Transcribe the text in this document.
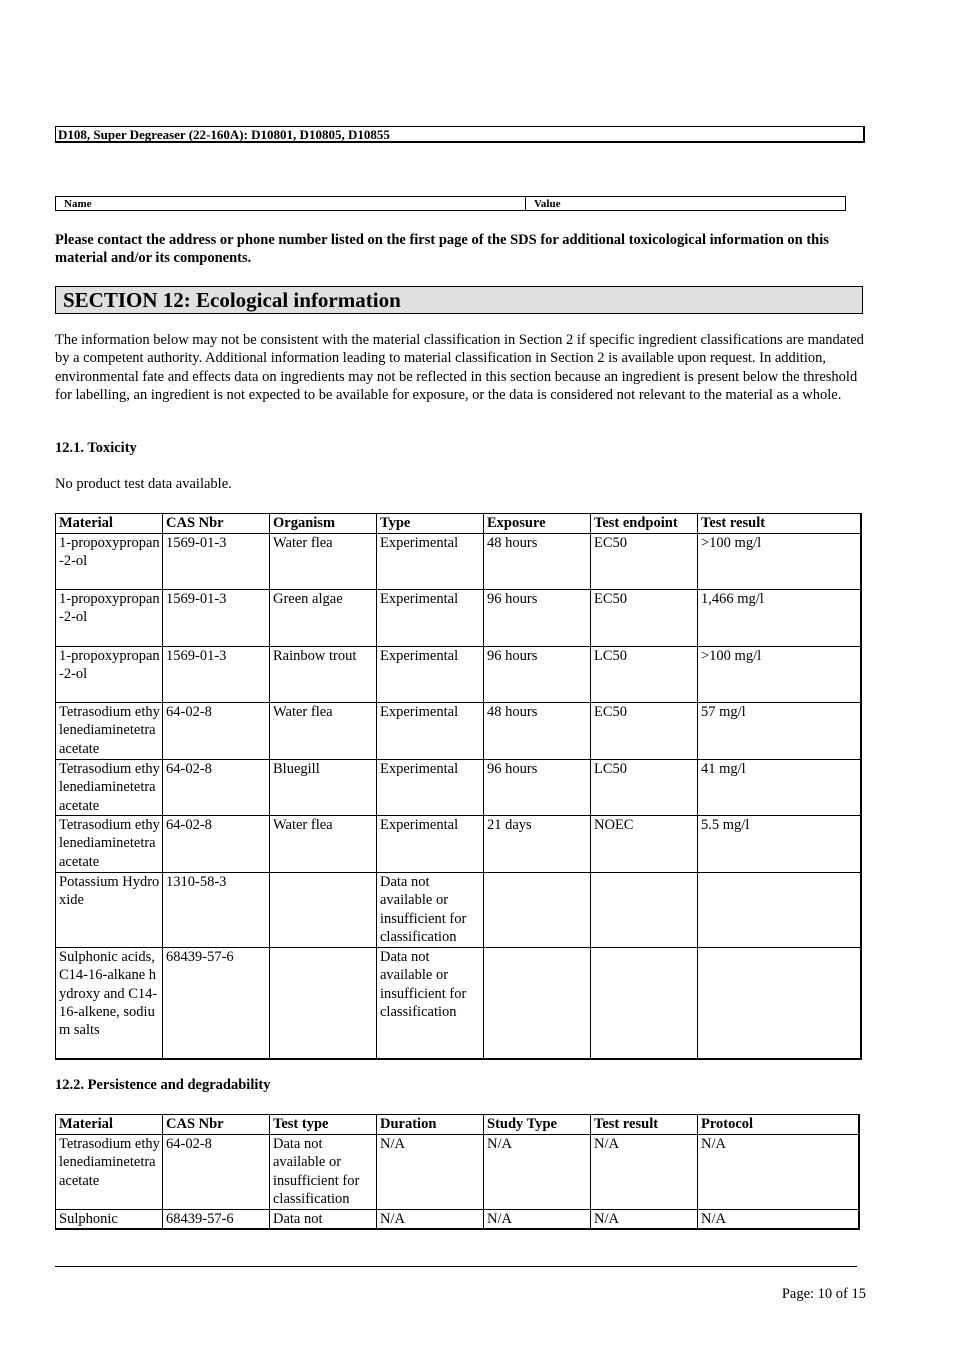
D108, Super Degreaser (22-160A): D10801, D10805, D10855
Name	Value
Please contact the address or phone number listed on the first page of the SDS for additional toxicological information on this material and/or its components.
SECTION 12: Ecological information
The information below may not be consistent with the material classification in Section 2 if specific ingredient classifications are mandated by a competent authority. Additional information leading to material classification in Section 2 is available upon request. In addition, environmental fate and effects data on ingredients may not be reflected in this section because an ingredient is present below the threshold for labelling, an ingredient is not expected to be available for exposure, or the data is considered not relevant to the material as a whole.
12.1. Toxicity
No product test data available.
Material	CAS Nbr	Organism	Type	Exposure	Test endpoint	Test result
1-propoxypropan-2-ol	1569-01-3	Water flea	Experimental	48 hours	EC50	>100 mg/l
1-propoxypropan-2-ol	1569-01-3	Green algae	Experimental	96 hours	EC50	1,466 mg/l
1-propoxypropan-2-ol	1569-01-3	Rainbow trout	Experimental	96 hours	LC50	>100 mg/l
Tetrasodium ethylenediaminetetraacetate	64-02-8	Water flea	Experimental	48 hours	EC50	57 mg/l
Tetrasodium ethylenediaminetetraacetate	64-02-8	Bluegill	Experimental	96 hours	LC50	41 mg/l
Tetrasodium ethylenediaminetetraacetate	64-02-8	Water flea	Experimental	21 days	NOEC	5.5 mg/l
Potassium Hydroxide	1310-58-3		Data not available or insufficient for classification			
Sulphonic acids, C14-16-alkane hydroxy and C14-16-alkene, sodium salts	68439-57-6		Data not available or insufficient for classification			
12.2. Persistence and degradability
Material	CAS Nbr	Test type	Duration	Study Type	Test result	Protocol
Tetrasodium ethylenediaminetetraacetate	64-02-8	Data not available or insufficient for classification	N/A	N/A	N/A	N/A
Sulphonic	68439-57-6	Data not	N/A	N/A	N/A	N/A
Page: 10 of 15
